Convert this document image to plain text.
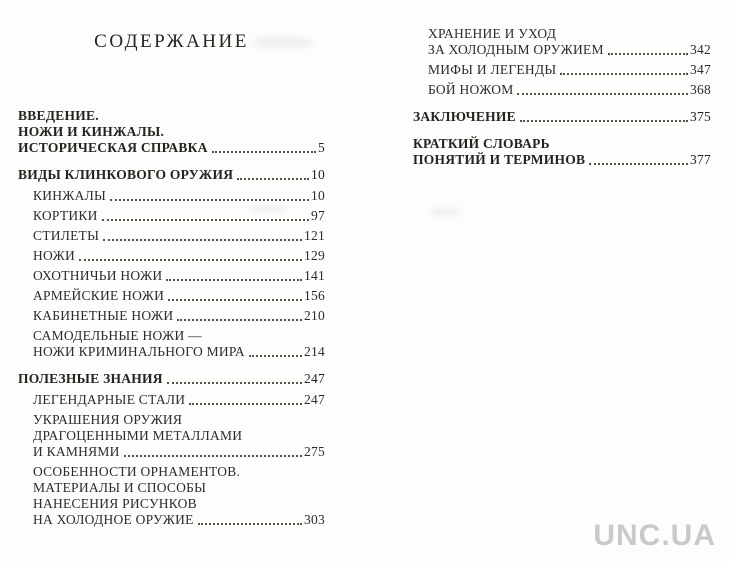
СОДЕРЖАНИЕ
ВВЕДЕНИЕ.
НОЖИ И КИНЖАЛЫ.
ИСТОРИЧЕСКАЯ СПРАВКА	5
ВИДЫ КЛИНКОВОГО ОРУЖИЯ	10
КИНЖАЛЫ	10
КОРТИКИ	97
СТИЛЕТЫ	121
НОЖИ	129
ОХОТНИЧЬИ НОЖИ	141
АРМЕЙСКИЕ НОЖИ	156
КАБИНЕТНЫЕ НОЖИ	210
САМОДЕЛЬНЫЕ НОЖИ —
НОЖИ КРИМИНАЛЬНОГО МИРА	214
ПОЛЕЗНЫЕ ЗНАНИЯ	247
ЛЕГЕНДАРНЫЕ СТАЛИ	247
УКРАШЕНИЯ ОРУЖИЯ
ДРАГОЦЕННЫМИ МЕТАЛЛАМИ
И КАМНЯМИ	275
ОСОБЕННОСТИ ОРНАМЕНТОВ.
МАТЕРИАЛЫ И СПОСОБЫ
НАНЕСЕНИЯ РИСУНКОВ
НА ХОЛОДНОЕ ОРУЖИЕ	303
ХРАНЕНИЕ И УХОД
ЗА ХОЛОДНЫМ ОРУЖИЕМ	342
МИФЫ И ЛЕГЕНДЫ	347
БОЙ НОЖОМ	368
ЗАКЛЮЧЕНИЕ	375
КРАТКИЙ СЛОВАРЬ
ПОНЯТИЙ И ТЕРМИНОВ	377
UNC.UA
